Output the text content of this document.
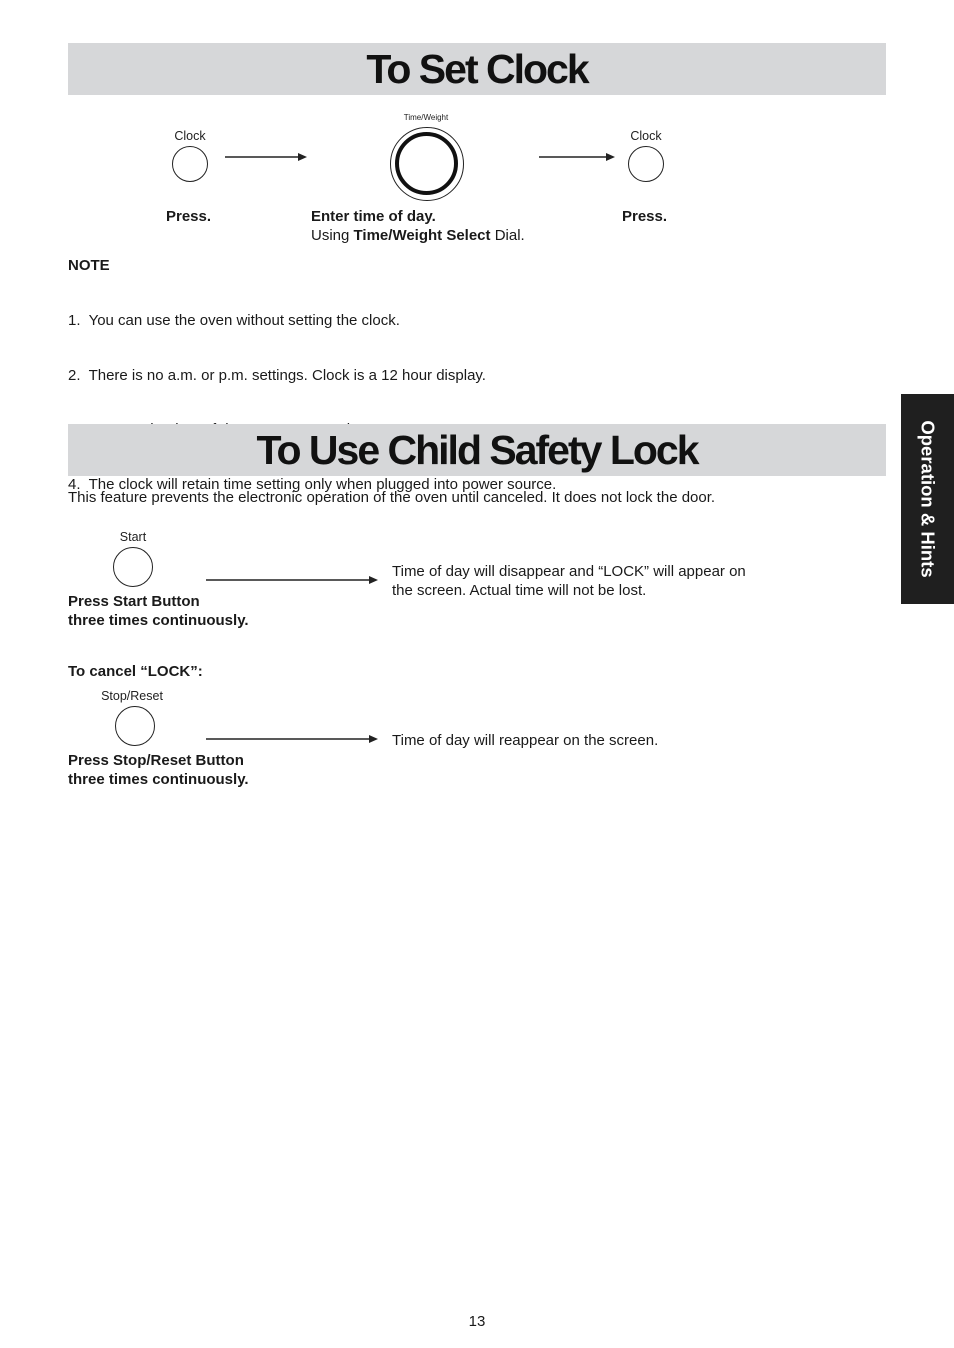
To Set Clock
Clock
Time/Weight
Clock
Press.	Enter time of day.
Using Time/Weight Select Dial.
Press.
NOTE

1.  You can use the oven without setting the clock.

2.  There is no a.m. or p.m. settings. Clock is a 12 hour display.

4.  The clock will retain time setting only when plugged into power source.

To Use Child Safety Lock
This feature prevents the electronic operation of the oven until canceled. It does not lock the door.
Start
Press Start Button
three times continuously.
Time of day will disappear and “LOCK” will appear on
the screen. Actual time will not be lost.
To cancel “LOCK”:
Stop/Reset
Press Stop/Reset Button
three times continuously.
Time of day will reappear on the screen.
Operation & Hints
13
